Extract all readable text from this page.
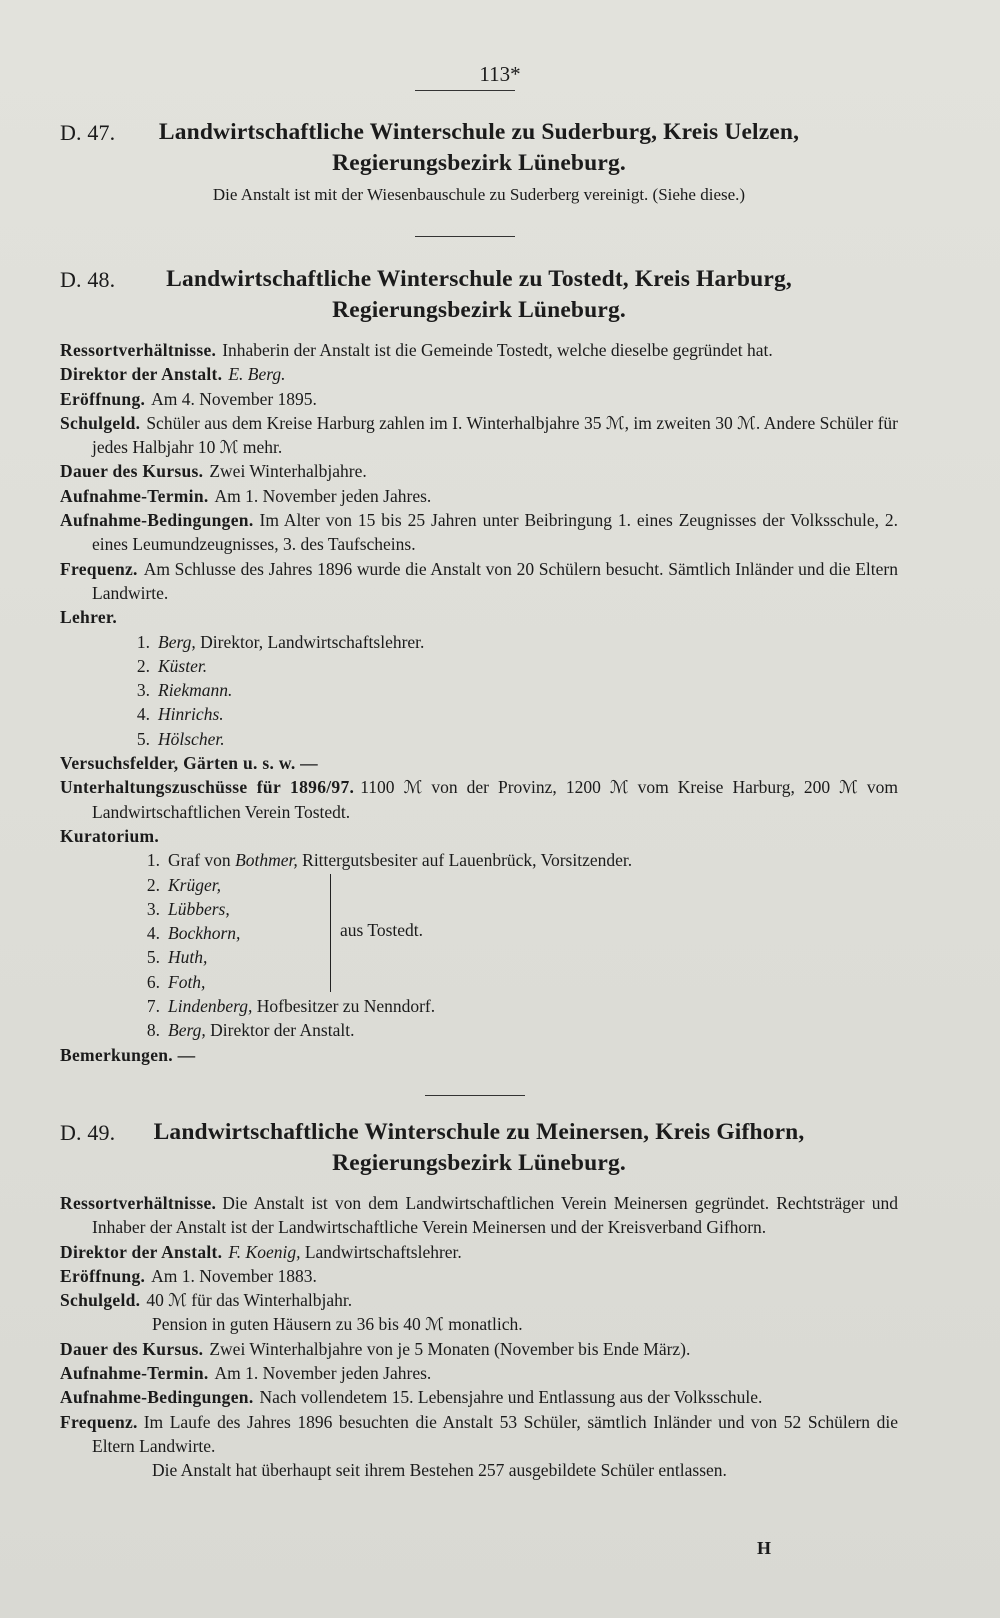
113*
D. 47. Landwirtschaftliche Winterschule zu Suderburg, Kreis Uelzen,
Regierungsbezirk Lüneburg.
Die Anstalt ist mit der Wiesenbauschule zu Suderberg vereinigt. (Siehe diese.)
D. 48. Landwirtschaftliche Winterschule zu Tostedt, Kreis Harburg,
Regierungsbezirk Lüneburg.

Ressortverhältnisse. Inhaberin der Anstalt ist die Gemeinde Tostedt, welche dieselbe gegründet hat.

Direktor der Anstalt. E. Berg.

Eröffnung. Am 4. November 1895.

Schulgeld. Schüler aus dem Kreise Harburg zahlen im I. Winterhalbjahre 35 ℳ, im zweiten 30 ℳ. Andere Schüler für jedes Halbjahr 10 ℳ mehr.

Dauer des Kursus. Zwei Winterhalbjahre.

Aufnahme-Termin. Am 1. November jeden Jahres.

Aufnahme-Bedingungen. Im Alter von 15 bis 25 Jahren unter Beibringung 1. eines Zeugnisses der Volksschule, 2. eines Leumundzeugnisses, 3. des Taufscheins.

Frequenz. Am Schlusse des Jahres 1896 wurde die Anstalt von 20 Schülern besucht. Sämtlich Inländer und die Eltern Landwirte.

Lehrer.

1. Berg, Direktor, Landwirtschaftslehrer.
2. Küster.
3. Riekmann.
4. Hinrichs.
5. Hölscher.

Versuchsfelder, Gärten u. s. w. —

Unterhaltungszuschüsse für 1896/97. 1100 ℳ von der Provinz, 1200 ℳ vom Kreise Harburg, 200 ℳ vom Landwirtschaftlichen Verein Tostedt.

Kuratorium.

1. Graf von Bothmer, Rittergutsbesiter auf Lauenbrück, Vorsitzender.
2. Krüger,
3. Lübbers,
4. Bockhorn,
5. Huth,
6. Foth,
7. Lindenberg, Hofbesitzer zu Nenndorf.
8. Berg, Direktor der Anstalt.
aus Tostedt.

Bemerkungen. —

D. 49. Landwirtschaftliche Winterschule zu Meinersen, Kreis Gifhorn,
Regierungsbezirk Lüneburg.

Ressortverhältnisse. Die Anstalt ist von dem Landwirtschaftlichen Verein Meinersen gegründet. Rechtsträger und Inhaber der Anstalt ist der Landwirtschaftliche Verein Meinersen und der Kreisverband Gifhorn.

Direktor der Anstalt. F. Koenig, Landwirtschaftslehrer.

Eröffnung. Am 1. November 1883.

Schulgeld. 40 ℳ für das Winterhalbjahr.

Pension in guten Häusern zu 36 bis 40 ℳ monatlich.

Dauer des Kursus. Zwei Winterhalbjahre von je 5 Monaten (November bis Ende März).

Aufnahme-Termin. Am 1. November jeden Jahres.

Aufnahme-Bedingungen. Nach vollendetem 15. Lebensjahre und Entlassung aus der Volksschule.

Frequenz. Im Laufe des Jahres 1896 besuchten die Anstalt 53 Schüler, sämtlich Inländer und von 52 Schülern die Eltern Landwirte.

Die Anstalt hat überhaupt seit ihrem Bestehen 257 ausgebildete Schüler entlassen.

H
